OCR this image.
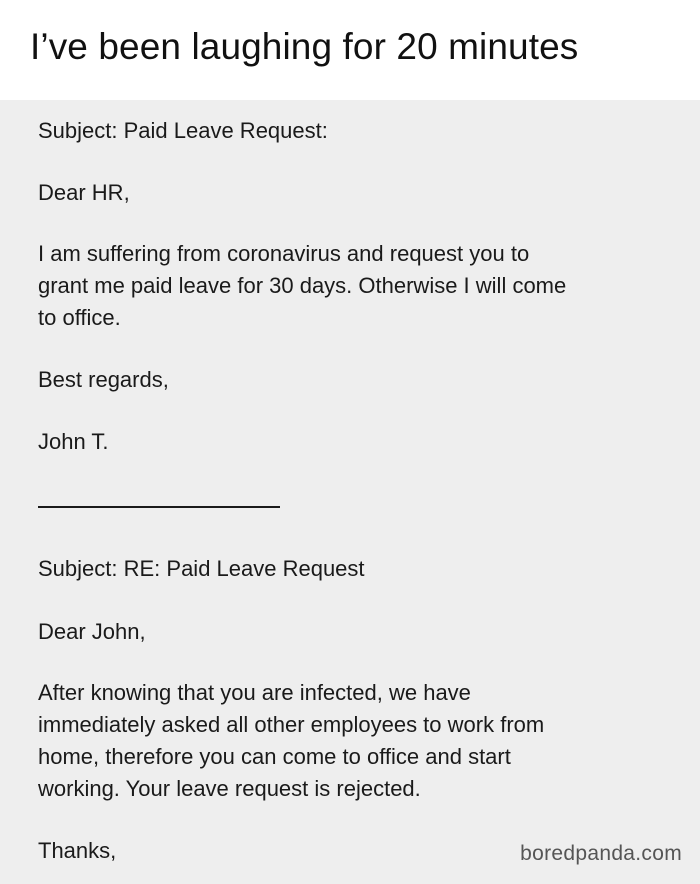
I’ve been laughing for 20 minutes
Subject: Paid Leave Request:
Dear HR,
I am suffering from coronavirus and request you to
grant me paid leave for 30 days. Otherwise I will come
to office.
Best regards,
John T.
Subject: RE: Paid Leave Request
Dear John,
After knowing that you are infected, we have
immediately asked all other employees to work from
home, therefore you can come to office and start
working. Your leave request is rejected.
Thanks,	boredpanda.com
